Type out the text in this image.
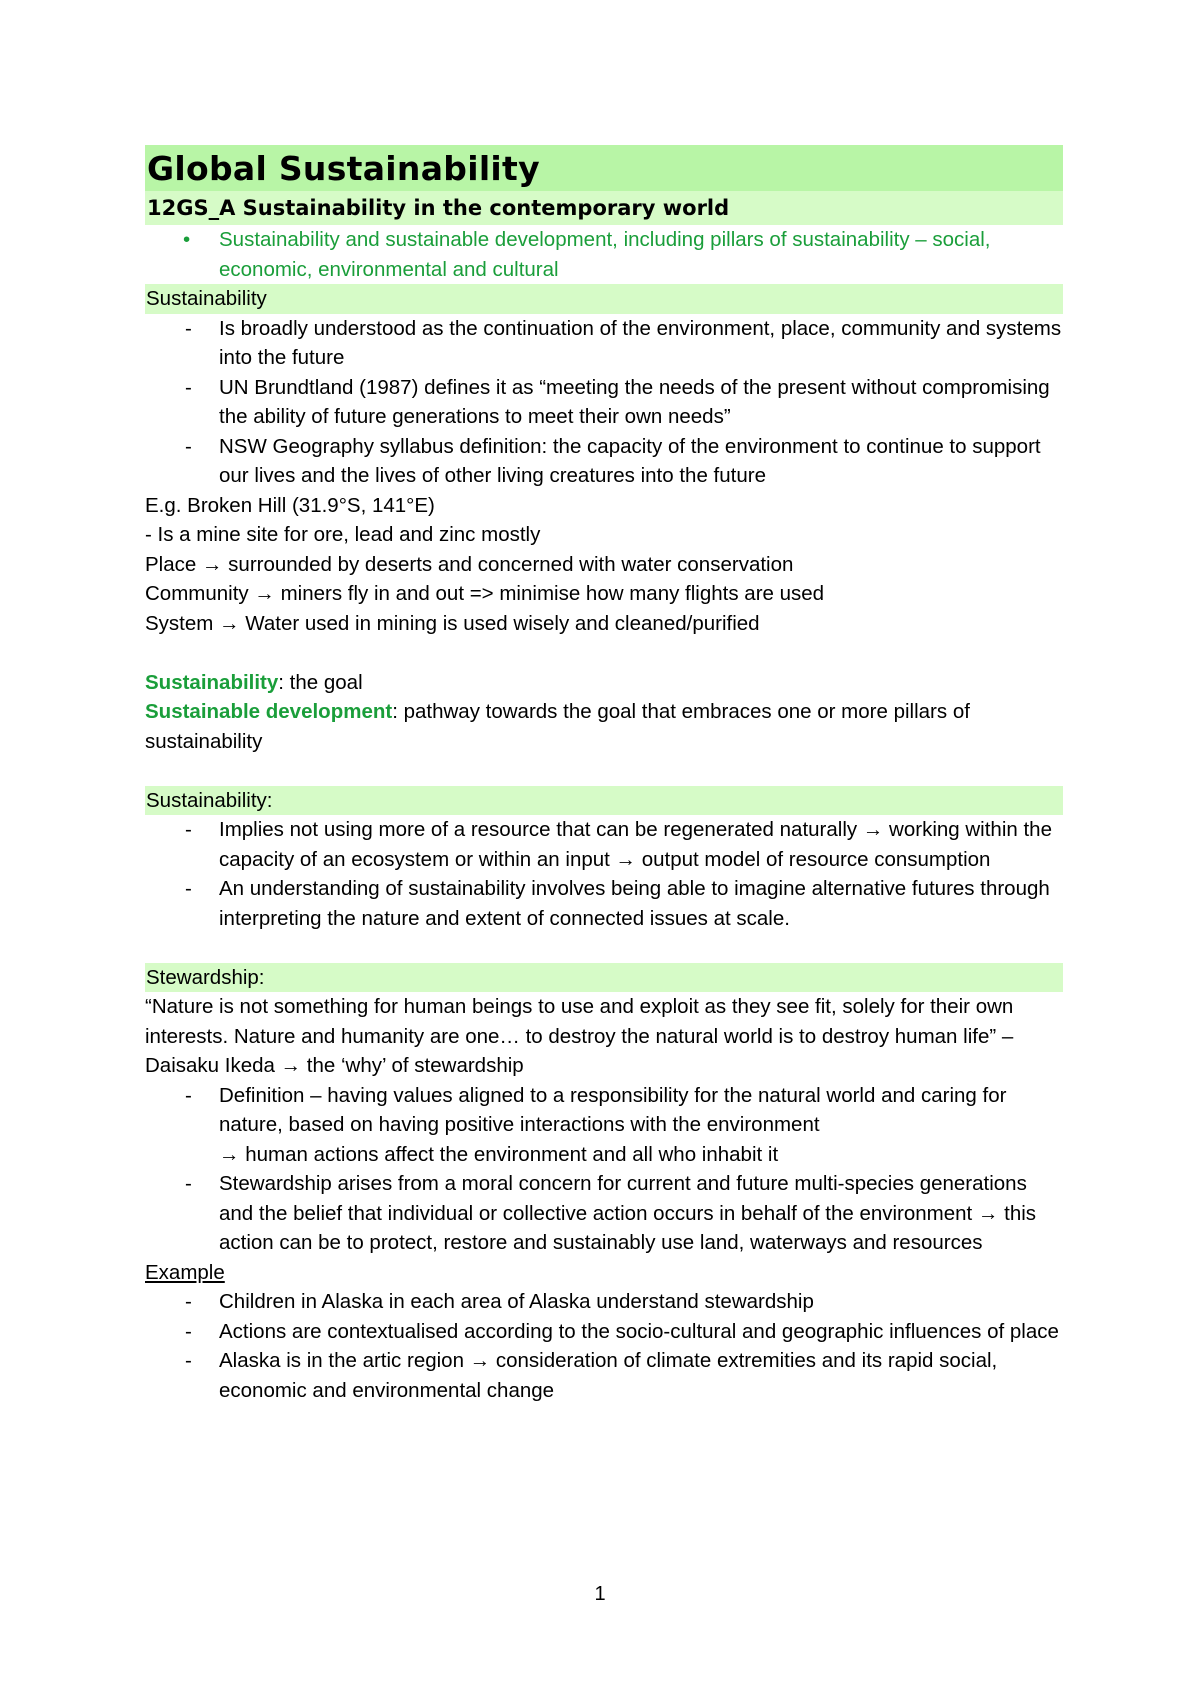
Global Sustainability
12GS_A Sustainability in the contemporary world
• Sustainability and sustainable development, including pillars of sustainability – social, economic, environmental and cultural
Sustainability
- Is broadly understood as the continuation of the environment, place, community and systems into the future
- UN Brundtland (1987) defines it as “meeting the needs of the present without compromising the ability of future generations to meet their own needs”
- NSW Geography syllabus definition: the capacity of the environment to continue to support our lives and the lives of other living creatures into the future

E.g. Broken Hill (31.9°S, 141°E)

- Is a mine site for ore, lead and zinc mostly

Place → surrounded by deserts and concerned with water conservation

Community → miners fly in and out => minimise how many flights are used

System → Water used in mining is used wisely and cleaned/purified

Sustainability: the goal

Sustainable development: pathway towards the goal that embraces one or more pillars of sustainability

Sustainability:
- Implies not using more of a resource that can be regenerated naturally → working within the capacity of an ecosystem or within an input → output model of resource consumption
- An understanding of sustainability involves being able to imagine alternative futures through interpreting the nature and extent of connected issues at scale.
Stewardship:

“Nature is not something for human beings to use and exploit as they see fit, solely for their own interests. Nature and humanity are one… to destroy the natural world is to destroy human life” – Daisaku Ikeda → the ‘why’ of stewardship

- Definition – having values aligned to a responsibility for the natural world and caring for nature, based on having positive interactions with the environment
→ human actions affect the environment and all who inhabit it
- Stewardship arises from a moral concern for current and future multi-species generations and the belief that individual or collective action occurs in behalf of the environment → this action can be to protect, restore and sustainably use land, waterways and resources

Example

- Children in Alaska in each area of Alaska understand stewardship
- Actions are contextualised according to the socio-cultural and geographic influences of place
- Alaska is in the artic region → consideration of climate extremities and its rapid social, economic and environmental change
1
